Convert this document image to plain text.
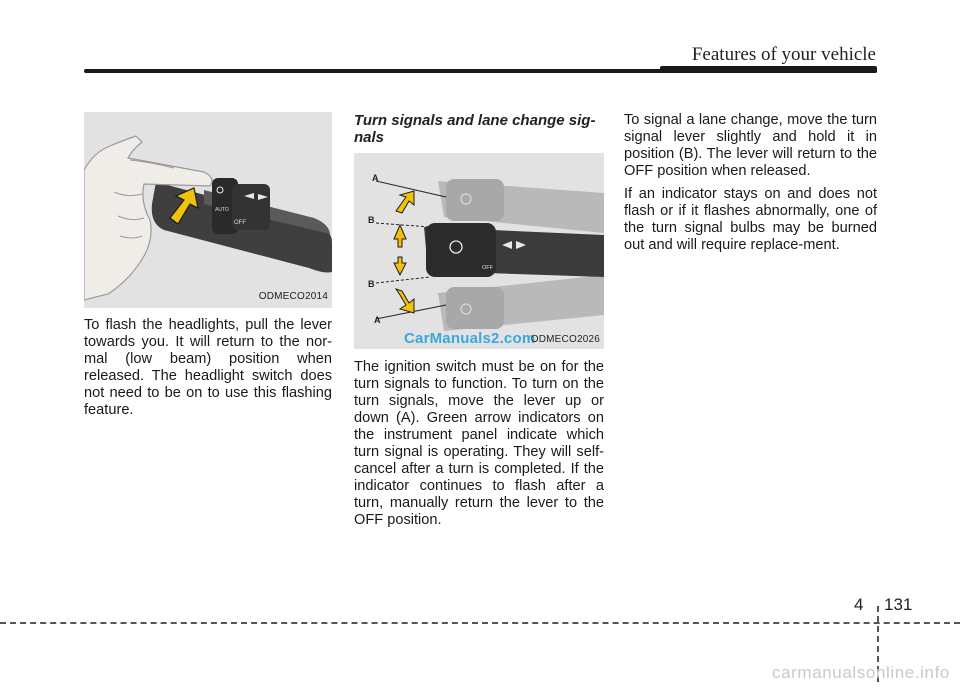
Features of your vehicle
OFF
AUTO
ODMECO2014

To flash the headlights, pull the lever towards you. It will return to the nor-mal (low beam) position when released. The headlight switch does not need to be on to use this flashing feature.

Turn signals and lane change sig-nals
OFF
A
B
B
A
CarManuals2.com
ODMECO2026

The ignition switch must be on for the turn signals to function. To turn on the turn signals, move the lever up or down (A). Green arrow indicators on the instrument panel indicate which turn signal is operating. They will self-cancel after a turn is completed. If the indicator continues to flash after a turn, manually return the lever to the OFF position.

To signal a lane change, move the turn signal lever slightly and hold it in position (B). The lever will return to the OFF position when released.

If an indicator stays on and does not flash or if it flashes abnormally, one of the turn signal bulbs may be burned out and will require replace-ment.

4 131
carmanualsonline.info
